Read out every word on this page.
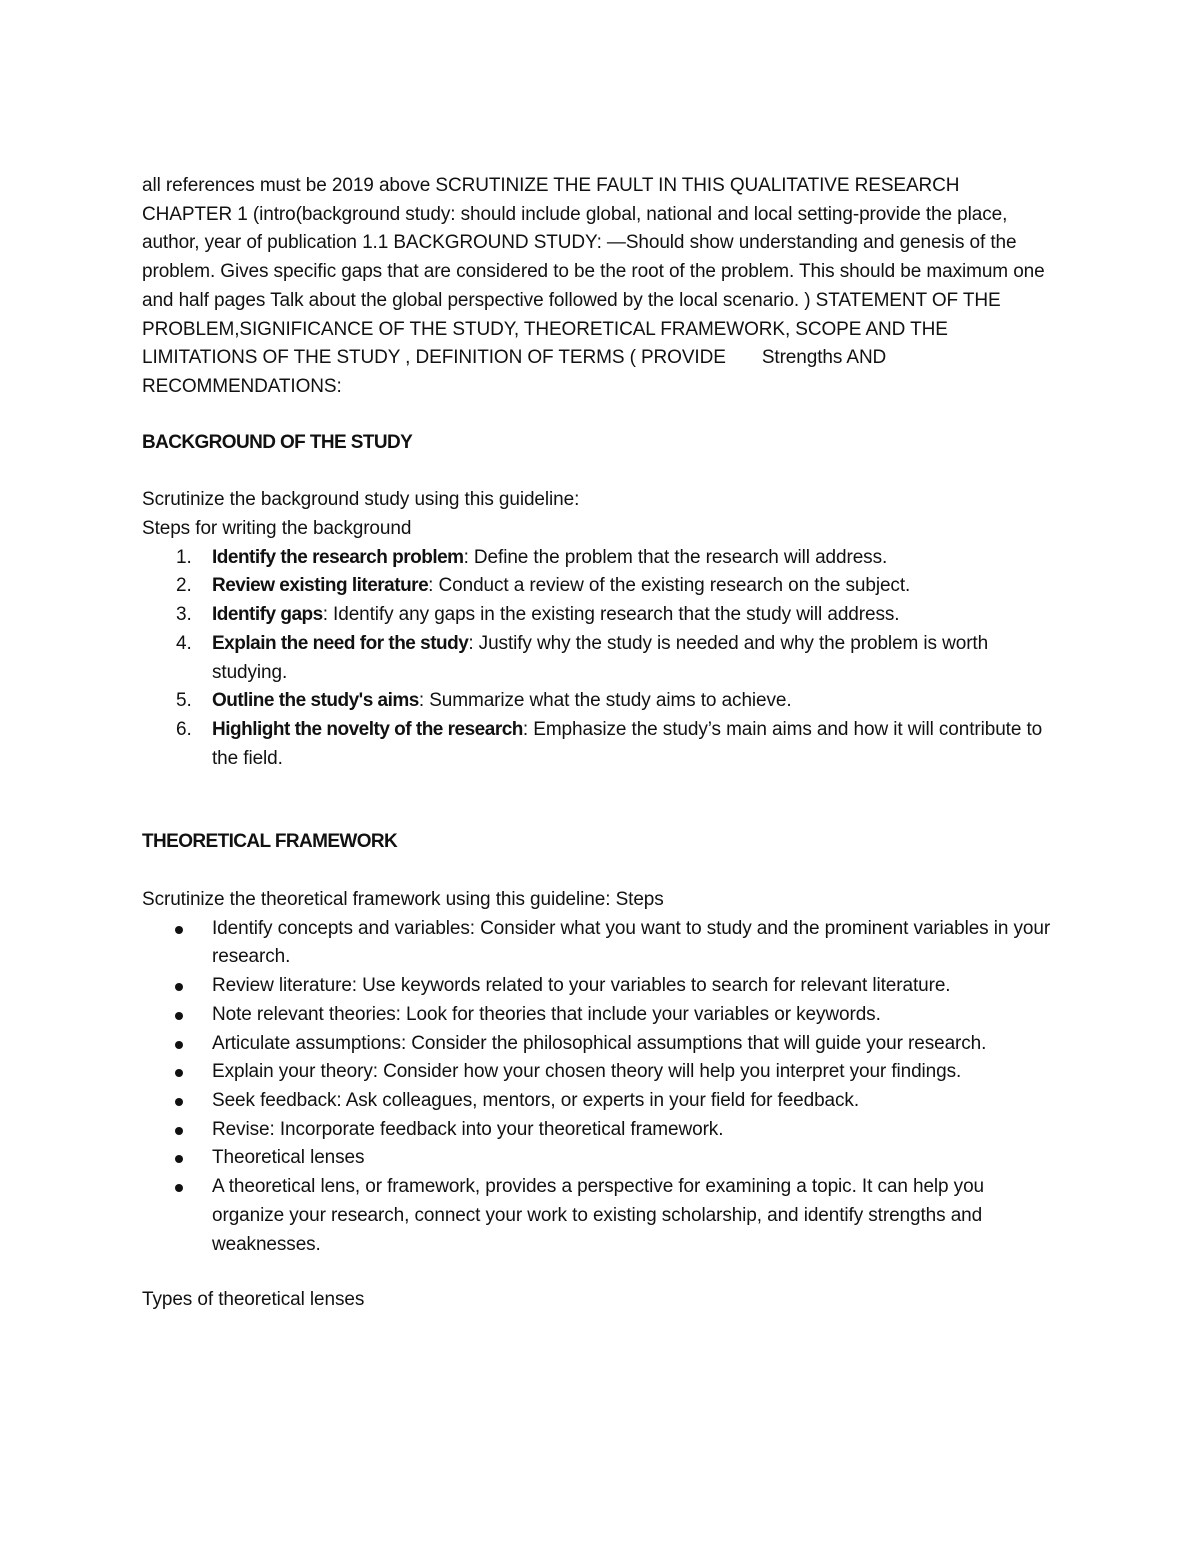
all references must be 2019 above SCRUTINIZE THE FAULT IN THIS QUALITATIVE RESEARCH CHAPTER 1 (intro(background study: should include global, national and local setting-provide the place, author, year of publication 1.1 BACKGROUND STUDY: —Should show understanding and genesis of the problem. Gives specific gaps that are considered to be the root of the problem. This should be maximum one and half pages Talk about the global perspective followed by the local scenario. ) STATEMENT OF THE PROBLEM,SIGNIFICANCE OF THE STUDY, THEORETICAL FRAMEWORK, SCOPE AND THE LIMITATIONS OF THE STUDY , DEFINITION OF TERMS ( PROVIDE Strengths AND RECOMMENDATIONS:

BACKGROUND OF THE STUDY

Scrutinize the background study using this guideline:

Steps for writing the background

1. Identify the research problem: Define the problem that the research will address.
2. Review existing literature: Conduct a review of the existing research on the subject.
3. Identify gaps: Identify any gaps in the existing research that the study will address.
4. Explain the need for the study: Justify why the study is needed and why the problem is worth studying.
5. Outline the study's aims: Summarize what the study aims to achieve.
6. Highlight the novelty of the research: Emphasize the study’s main aims and how it will contribute to the field.
THEORETICAL FRAMEWORK

Scrutinize the theoretical framework using this guideline: Steps

Identify concepts and variables: Consider what you want to study and the prominent variables in your research.
Review literature: Use keywords related to your variables to search for relevant literature.
Note relevant theories: Look for theories that include your variables or keywords.
Articulate assumptions: Consider the philosophical assumptions that will guide your research.
Explain your theory: Consider how your chosen theory will help you interpret your findings.
Seek feedback: Ask colleagues, mentors, or experts in your field for feedback.
Revise: Incorporate feedback into your theoretical framework.
Theoretical lenses
A theoretical lens, or framework, provides a perspective for examining a topic. It can help you organize your research, connect your work to existing scholarship, and identify strengths and weaknesses.

Types of theoretical lenses
